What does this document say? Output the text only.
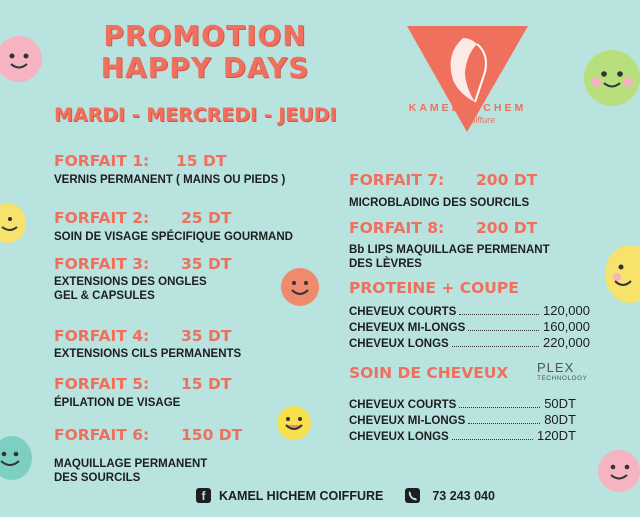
PROMOTION
HAPPY DAYS
MARDI - MERCREDI - JEUDI	KAMEL HICHEM
Coiffure
FORFAIT 1: 15 DT
VERNIS PERMANENT ( MAINS OU PIEDS )
FORFAIT 2: 25 DT
SOIN DE VISAGE SPÉCIFIQUE GOURMAND
FORFAIT 3: 35 DT
EXTENSIONS DES ONGLES
GEL & CAPSULES
FORFAIT 4: 35 DT
EXTENSIONS CILS PERMANENTS
FORFAIT 5: 15 DT
ÉPILATION DE VISAGE
FORFAIT 6: 150 DT
MAQUILLAGE PERMANENT
DES SOURCILS
FORFAIT 7: 200 DT
MICROBLADING DES SOURCILS
FORFAIT 8: 200 DT
Bb LIPS MAQUILLAGE PERMENANT
DES LÈVRES
PROTEINE + COUPE
CHEVEUX COURTS	120,000
CHEVEUX MI-LONGS	160,000
CHEVEUX LONGS	220,000
SOIN DE CHEVEUX PLEX
TECHNOLOGY
CHEVEUX COURTS	50DT
CHEVEUX MI-LONGS	80DT
CHEVEUX LONGS	120DT
f	KAMEL HICHEM COIFFURE	73 243 040
